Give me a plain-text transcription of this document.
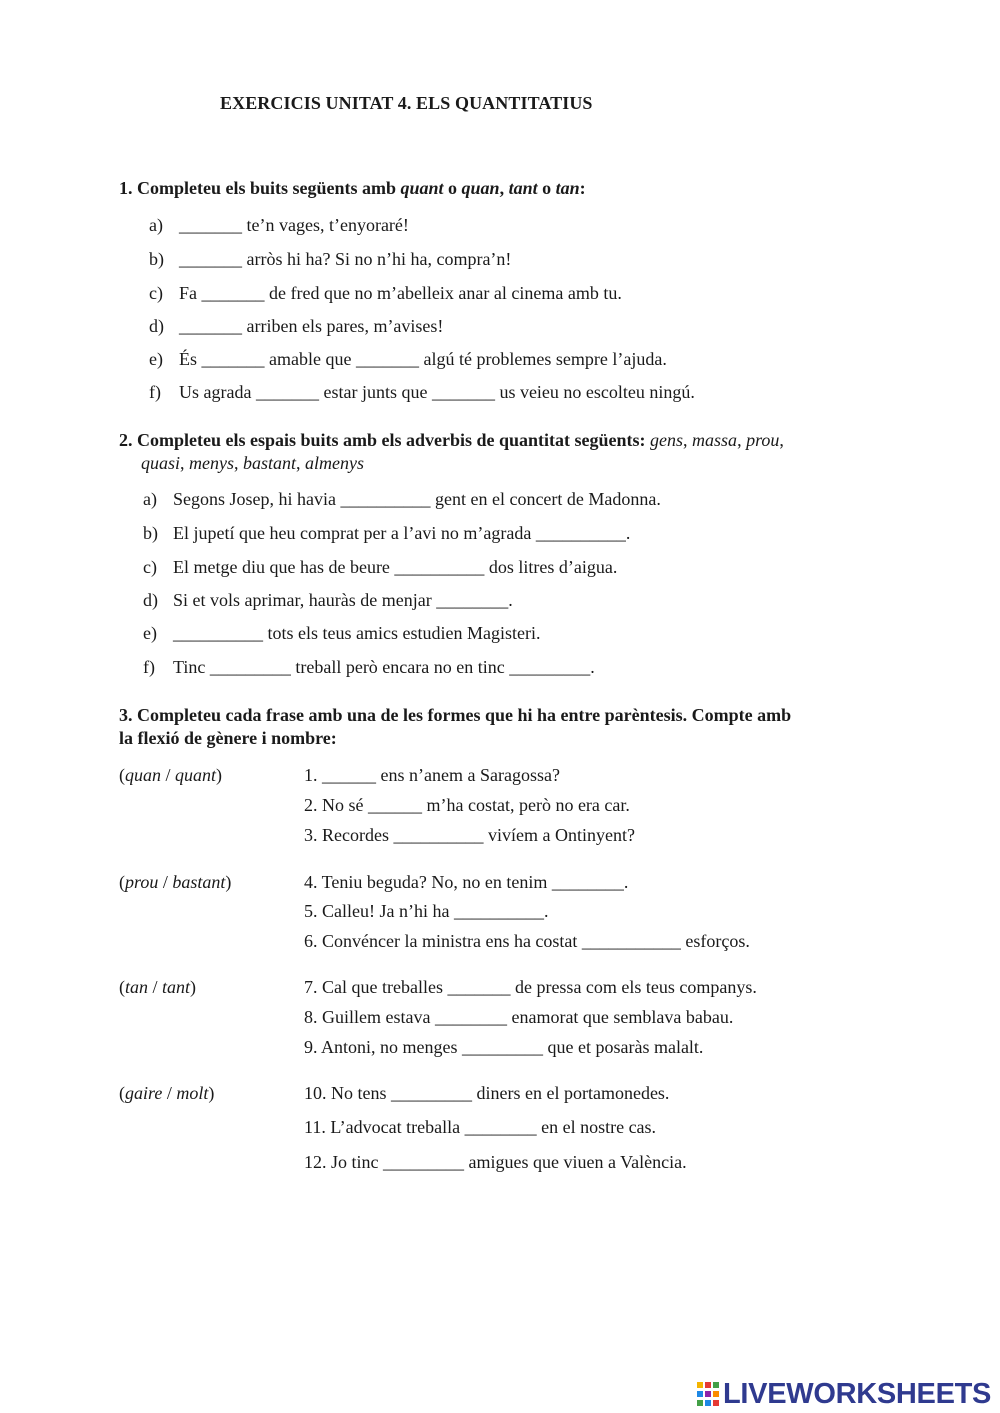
EXERCICIS UNITAT 4. ELS QUANTITATIUS
1. Completeu els buits següents amb quant o quan, tant o tan:
a) _______ te’n vages, t’enyoraré!
b) _______ arròs hi ha? Si no n’hi ha, compra’n!
c) Fa _______ de fred que no m’abelleix anar al cinema amb tu.
d) _______ arriben els pares, m’avises!
e) És _______ amable que _______ algú té problemes sempre l’ajuda.
f) Us agrada _______ estar junts que _______ us veieu no escolteu ningú.
2. Completeu els espais buits amb els adverbis de quantitat següents: gens, massa, prou,
quasi, menys, bastant, almenys
a) Segons Josep, hi havia __________ gent en el concert de Madonna.
b) El jupetí que heu comprat per a l’avi no m’agrada __________.
c) El metge diu que has de beure __________ dos litres d’aigua.
d) Si et vols aprimar, hauràs de menjar ________.
e) __________ tots els teus amics estudien Magisteri.
f) Tinc _________ treball però encara no en tinc _________.
3. Completeu cada frase amb una de les formes que hi ha entre parèntesis. Compte amb
la flexió de gènere i nombre:
(quan / quant)	1. ______ ens n’anem a Saragossa?
2. No sé ______ m’ha costat, però no era car.
3. Recordes __________ vivíem a Ontinyent?
(prou / bastant)	4. Teniu beguda? No, no en tenim ________.
5. Calleu! Ja n’hi ha __________.
6. Convéncer la ministra ens ha costat ___________ esforços.
(tan / tant)	7. Cal que treballes _______ de pressa com els teus companys.
8. Guillem estava ________ enamorat que semblava babau.
9. Antoni, no menges _________ que et posaràs malalt.
(gaire / molt)	10. No tens _________ diners en el portamonedes.
11. L’advocat treballa ________ en el nostre cas.
12. Jo tinc _________ amigues que viuen a València.
LIVEWORKSHEETS
